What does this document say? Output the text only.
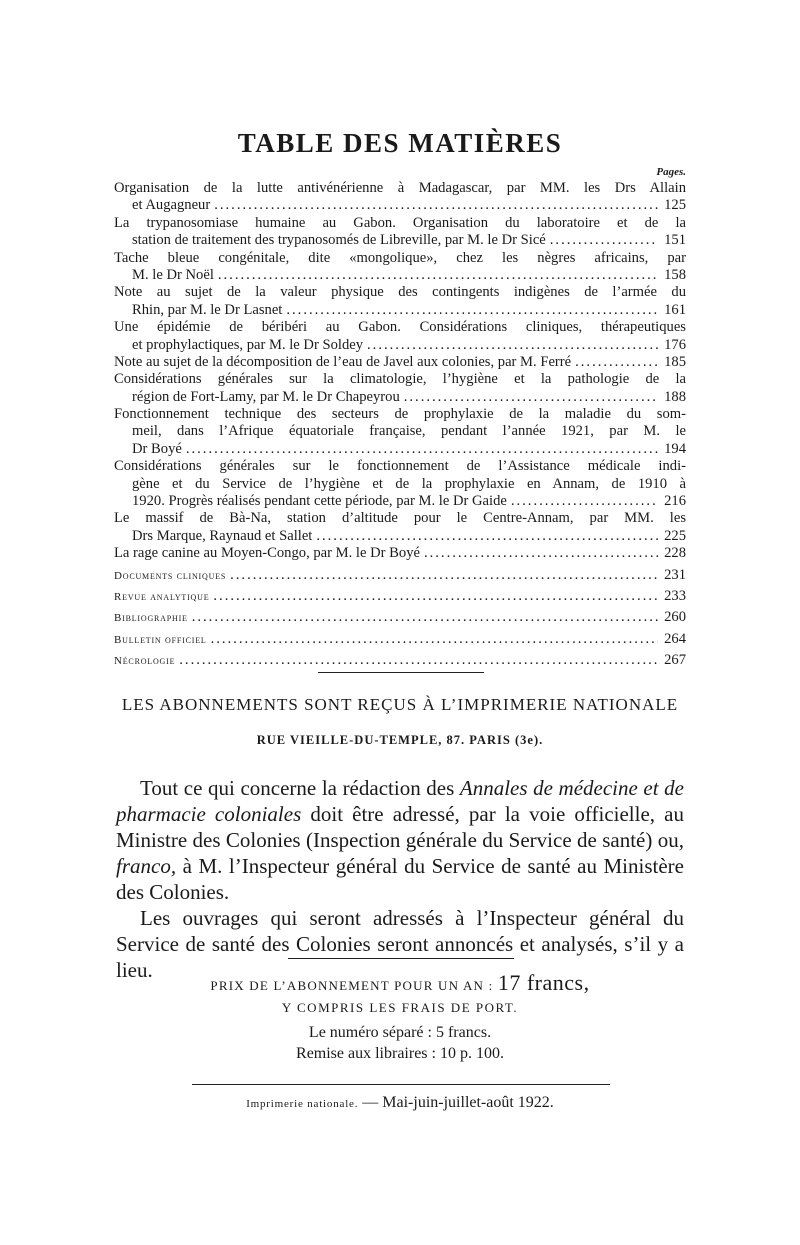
TABLE DES MATIÈRES
Pages.
Organisation de la lutte antivénérienne à Madagascar, par MM. les Drs Allain
et Augagneur .....	125
La trypanosomiase humaine au Gabon. Organisation du laboratoire et de la
station de traitement des trypanosomés de Libreville, par M. le Dr Sicé .....	151
Tache bleue congénitale, dite «mongolique», chez les nègres africains, par
M. le Dr Noël .....	158
Note au sujet de la valeur physique des contingents indigènes de l’armée du
Rhin, par M. le Dr Lasnet .....	161
Une épidémie de béribéri au Gabon. Considérations cliniques, thérapeutiques
et prophylactiques, par M. le Dr Soldey .....	176
Note au sujet de la décomposition de l’eau de Javel aux colonies, par M. Ferré .....	185
Considérations générales sur la climatologie, l’hygiène et la pathologie de la
région de Fort-Lamy, par M. le Dr Chapeyrou .....	188
Fonctionnement technique des secteurs de prophylaxie de la maladie du som-
meil, dans l’Afrique équatoriale française, pendant l’année 1921, par M. le
Dr Boyé .....	194
Considérations générales sur le fonctionnement de l’Assistance médicale indi-
gène et du Service de l’hygiène et de la prophylaxie en Annam, de 1910 à
1920. Progrès réalisés pendant cette période, par M. le Dr Gaide .....	216
Le massif de Bà-Na, station d’altitude pour le Centre-Annam, par MM. les
Drs Marque, Raynaud et Sallet .....	225
La rage canine au Moyen-Congo, par M. le Dr Boyé .....	228
Documents cliniques .....	231
Revue analytique .....	233
Bibliographie .....	260
Bulletin officiel .....	264
Nécrologie .....	267
LES ABONNEMENTS SONT REÇUS À L’IMPRIMERIE NATIONALE
RUE VIEILLE-DU-TEMPLE, 87. PARIS (3e).

Tout ce qui concerne la rédaction des Annales de médecine et de pharmacie coloniales doit être adressé, par la voie officielle, au Ministre des Colonies (Inspection générale du Service de santé) ou, franco, à M. l’Inspecteur général du Service de santé au Ministère des Colonies.

Les ouvrages qui seront adressés à l’Inspecteur général du Service de santé des Colonies seront annoncés et analysés, s’il y a lieu.

PRIX DE L’ABONNEMENT POUR UN AN : 17 francs,
Y COMPRIS LES FRAIS DE PORT.
Le numéro séparé : 5 francs.
Remise aux libraires : 10 p. 100.
Imprimerie nationale. — Mai-juin-juillet-août 1922.
